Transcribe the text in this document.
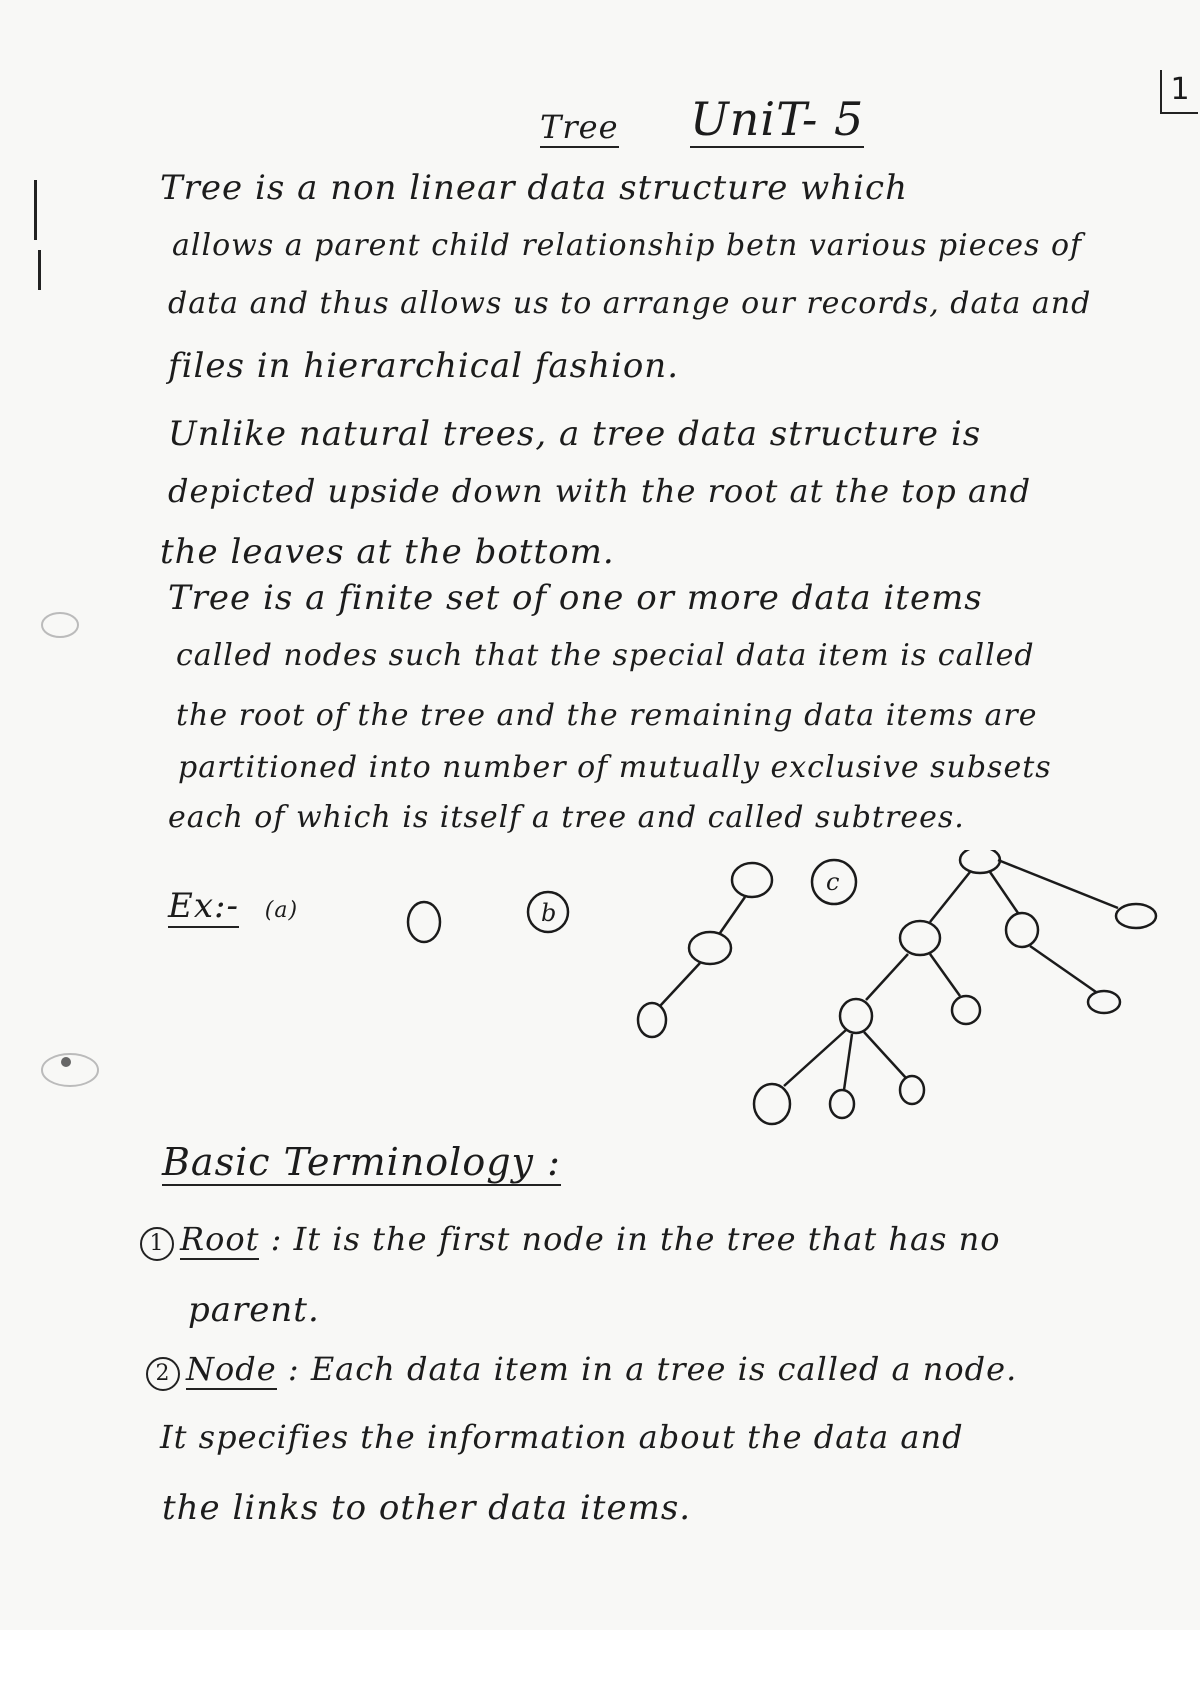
1
Tree UniT- 5
Tree is a non linear data structure which
allows a parent child relationship betn various pieces of
data and thus allows us to arrange our records, data and
files in hierarchical fashion.
Unlike natural trees, a tree data structure is
depicted upside down with the root at the top and
the leaves at the bottom.
Tree is a finite set of one or more data items
called nodes such that the special data item is called
the root of the tree and the remaining data items are
partitioned into number of mutually exclusive subsets
each of which is itself a tree and called subtrees.
Ex:- (a)	b
c
Basic Terminology :
1 Root : It is the first node in the tree that has no
parent.
2 Node : Each data item in a tree is called a node.
It specifies the information about the data and
the links to other data items.
